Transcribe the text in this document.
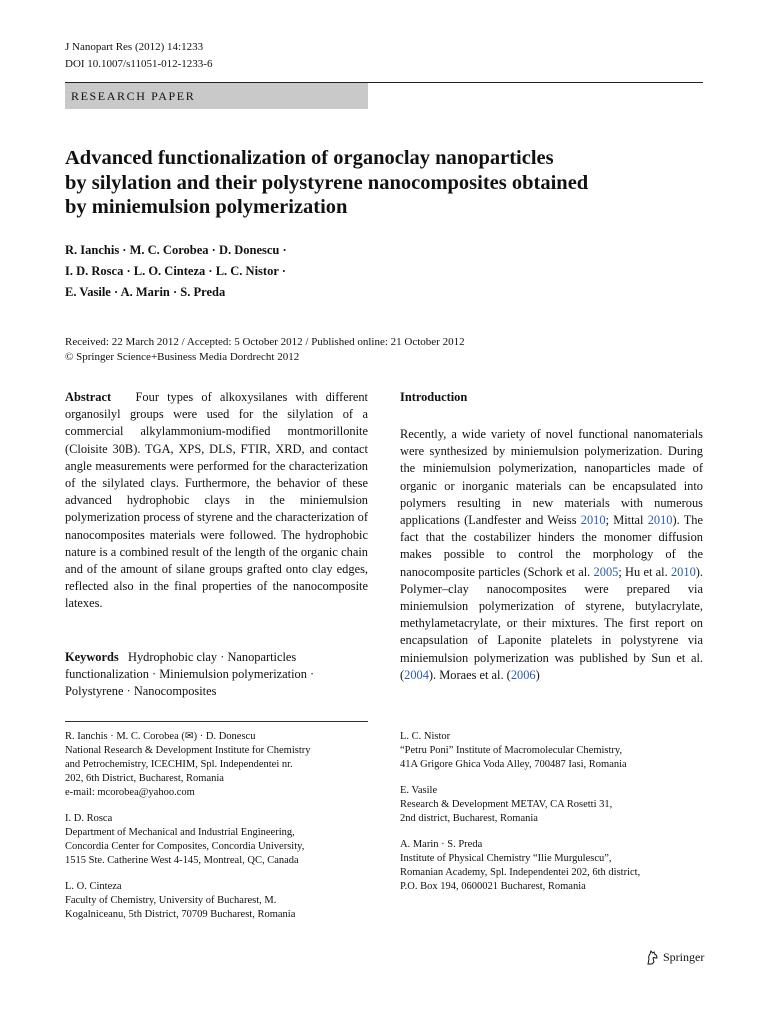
J Nanopart Res (2012) 14:1233
DOI 10.1007/s11051-012-1233-6
RESEARCH PAPER
Advanced functionalization of organoclay nanoparticles
by silylation and their polystyrene nanocomposites obtained
by miniemulsion polymerization
R. Ianchis · M. C. Corobea · D. Donescu ·
I. D. Rosca · L. O. Cinteza · L. C. Nistor ·
E. Vasile · A. Marin · S. Preda
Received: 22 March 2012 / Accepted: 5 October 2012 / Published online: 21 October 2012
© Springer Science+Business Media Dordrecht 2012
Abstract Four types of alkoxysilanes with different organosilyl groups were used for the silylation of a commercial alkylammonium-modified montmorillonite (Cloisite 30B). TGA, XPS, DLS, FTIR, XRD, and contact angle measurements were performed for the characterization of the silylated clays. Furthermore, the behavior of these advanced hydrophobic clays in the miniemulsion polymerization process of styrene and the characterization of nanocomposites materials were followed. The hydrophobic nature is a combined result of the length of the organic chain and of the amount of silane groups grafted onto clay edges, reflected also in the final properties of the nanocomposite latexes.
Keywords Hydrophobic clay · Nanoparticles functionalization · Miniemulsion polymerization · Polystyrene · Nanocomposites
Introduction
Recently, a wide variety of novel functional nanomaterials were synthesized by miniemulsion polymerization. During the miniemulsion polymerization, nanoparticles made of organic or inorganic materials can be encapsulated into polymers resulting in new materials with numerous applications (Landfester and Weiss 2010; Mittal 2010). The fact that the costabilizer hinders the monomer diffusion makes possible to control the morphology of the nanocomposite particles (Schork et al. 2005; Hu et al. 2010). Polymer–clay nanocomposites were prepared via miniemulsion polymerization of styrene, butylacrylate, methylametacrylate, or their mixtures. The first report on encapsulation of Laponite platelets in polystyrene via miniemulsion polymerization was published by Sun et al. (2004). Moraes et al. (2006)
R. Ianchis · M. C. Corobea (✉) · D. Donescu
National Research & Development Institute for Chemistry
and Petrochemistry, ICECHIM, Spl. Independentei nr.
202, 6th District, Bucharest, Romania
e-mail: mcorobea@yahoo.com
I. D. Rosca
Department of Mechanical and Industrial Engineering,
Concordia Center for Composites, Concordia University,
1515 Ste. Catherine West 4-145, Montreal, QC, Canada
L. O. Cinteza
Faculty of Chemistry, University of Bucharest, M.
Kogalniceanu, 5th District, 70709 Bucharest, Romania
L. C. Nistor
“Petru Poni” Institute of Macromolecular Chemistry,
41A Grigore Ghica Voda Alley, 700487 Iasi, Romania
E. Vasile
Research & Development METAV, CA Rosetti 31,
2nd district, Bucharest, Romania
A. Marin · S. Preda
Institute of Physical Chemistry “Ilie Murgulescu”,
Romanian Academy, Spl. Independentei 202, 6th district,
P.O. Box 194, 0600021 Bucharest, Romania
Springer
